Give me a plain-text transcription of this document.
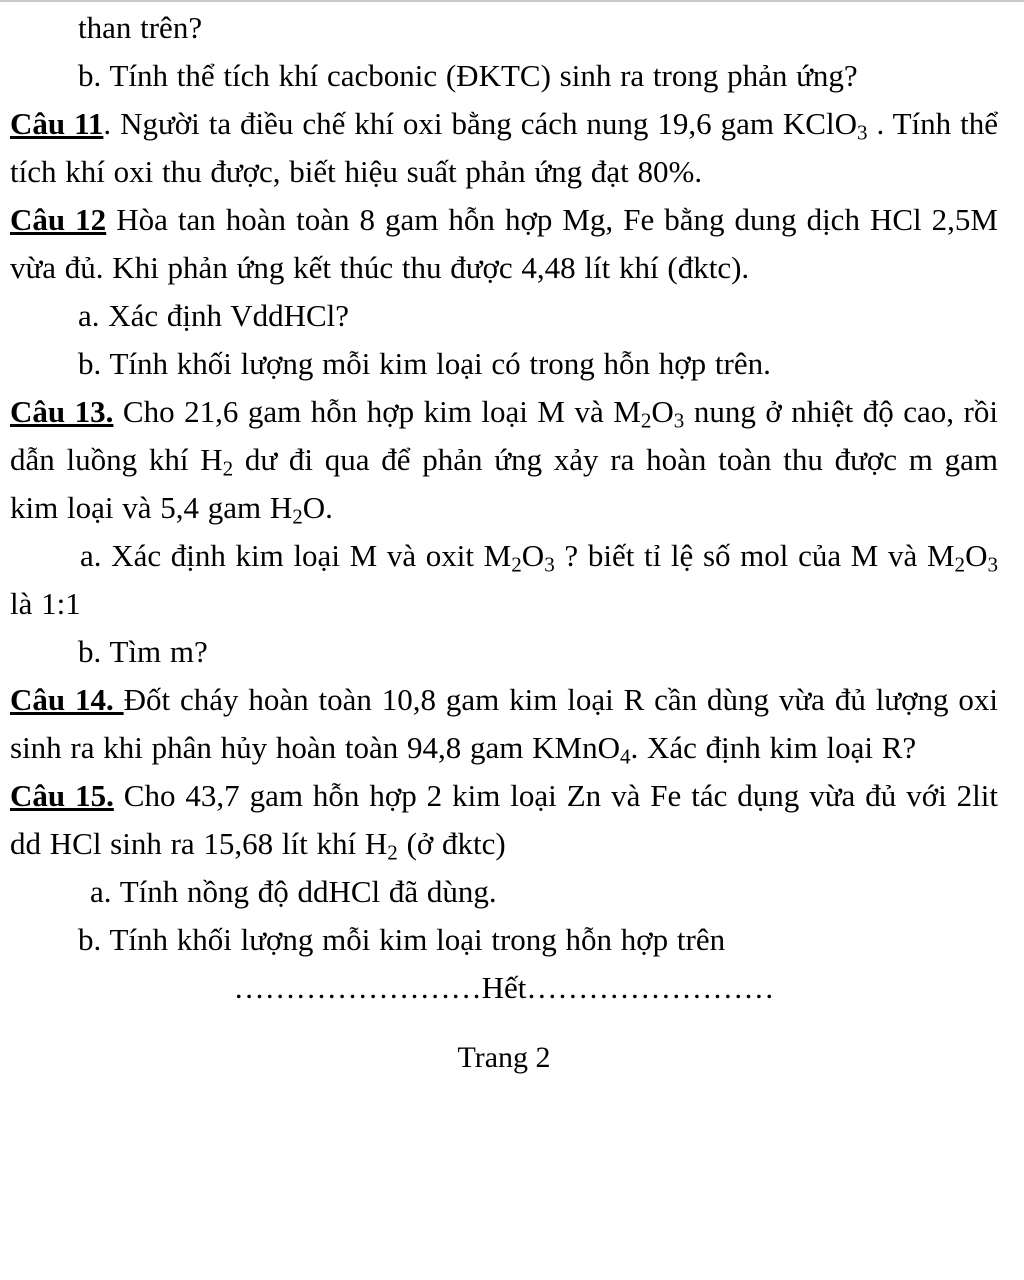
than trên?

b. Tính thể tích khí cacbonic (ĐKTC) sinh ra trong phản ứng?

Câu 11. Người ta điều chế khí oxi bằng cách nung 19,6 gam KClO$_3$ . Tính thể tích khí oxi thu được, biết hiệu suất phản ứng đạt 80%.

Câu 12 Hòa tan hoàn toàn 8 gam hỗn hợp Mg, Fe bằng dung dịch HCl 2,5M vừa đủ. Khi phản ứng kết thúc thu được 4,48 lít khí (đktc).

a. Xác định VddHCl?

b. Tính khối lượng mỗi kim loại có trong hỗn hợp trên.

Câu 13. Cho 21,6 gam hỗn hợp kim loại M và $M_2O_3$ nung ở nhiệt độ cao, rồi dẫn luồng khí $H_2$ dư đi qua để phản ứng xảy ra hoàn toàn thu được m gam kim loại và 5,4 gam $H_2O$.

a. Xác định kim loại M và oxit $M_2O_3$ ? biết tỉ lệ số mol của M và $M_2O_3$ là 1:1

b. Tìm m?

Câu 14. Đốt cháy hoàn toàn 10,8 gam kim loại R cần dùng vừa đủ lượng oxi sinh ra khi phân hủy hoàn toàn 94,8 gam KMnO$_4$. Xác định kim loại R?

Câu 15. Cho 43,7 gam hỗn hợp 2 kim loại Zn và Fe tác dụng vừa đủ với 2lit dd HCl sinh ra 15,68 lít khí $H_2$ (ở đktc)

a. Tính nồng độ ddHCl đã dùng.

b. Tính khối lượng mỗi kim loại trong hỗn hợp trên

……………………Hết……………………

Trang 2
